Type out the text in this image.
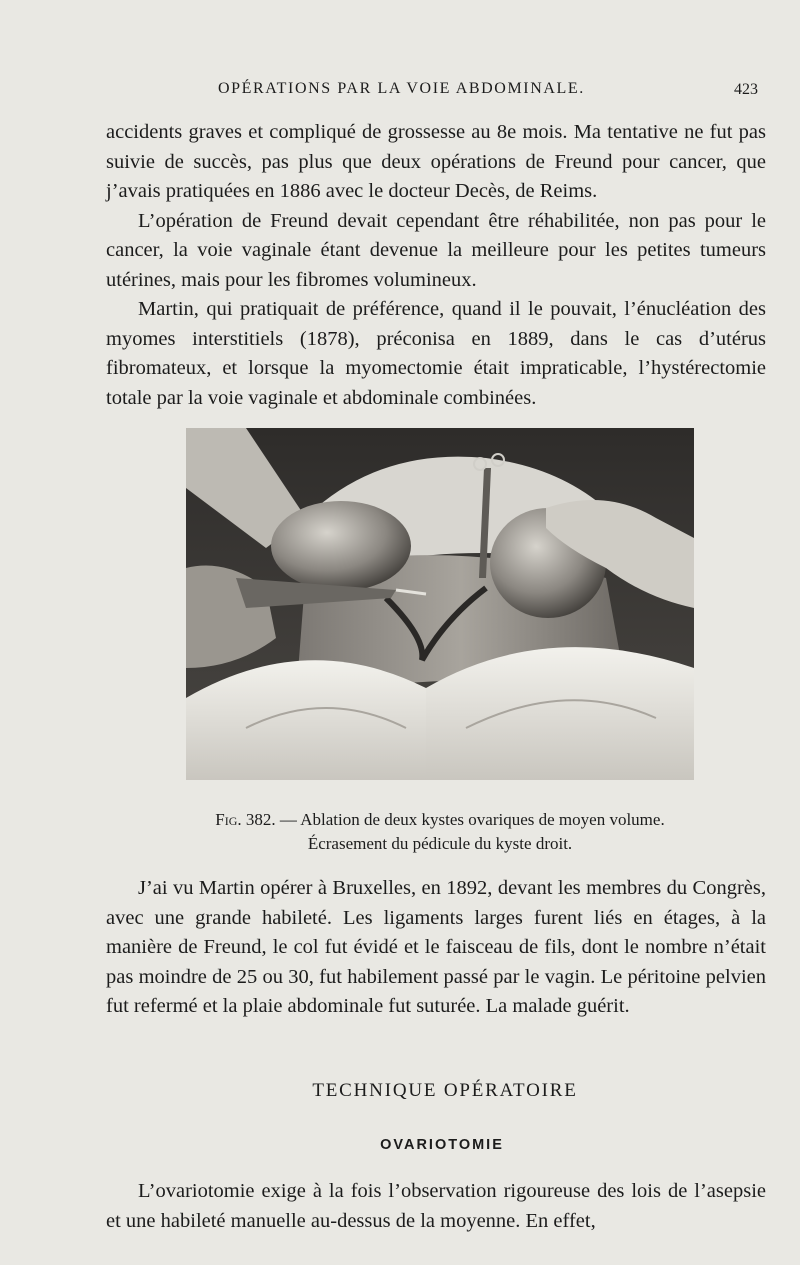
OPÉRATIONS PAR LA VOIE ABDOMINALE.	423

accidents graves et compliqué de grossesse au 8e mois. Ma tentative ne fut pas suivie de succès, pas plus que deux opérations de Freund pour cancer, que j’avais pratiquées en 1886 avec le docteur Decès, de Reims.

L’opération de Freund devait cependant être réhabilitée, non pas pour le cancer, la voie vaginale étant devenue la meilleure pour les petites tumeurs utérines, mais pour les fibromes volumineux.

Martin, qui pratiquait de préférence, quand il le pouvait, l’énucléation des myomes interstitiels (1878), préconisa en 1889, dans le cas d’utérus fibromateux, et lorsque la myomectomie était impraticable, l’hystérectomie totale par la voie vaginale et abdominale combinées.

Fig. 382. — Ablation de deux kystes ovariques de moyen volume.
Écrasement du pédicule du kyste droit.

J’ai vu Martin opérer à Bruxelles, en 1892, devant les membres du Congrès, avec une grande habileté. Les ligaments larges furent liés en étages, à la manière de Freund, le col fut évidé et le faisceau de fils, dont le nombre n’était pas moindre de 25 ou 30, fut habilement passé par le vagin. Le péritoine pelvien fut refermé et la plaie abdominale fut suturée. La malade guérit.

TECHNIQUE OPÉRATOIRE
OVARIOTOMIE

L’ovariotomie exige à la fois l’observation rigoureuse des lois de l’asepsie et une habileté manuelle au-dessus de la moyenne. En effet,
